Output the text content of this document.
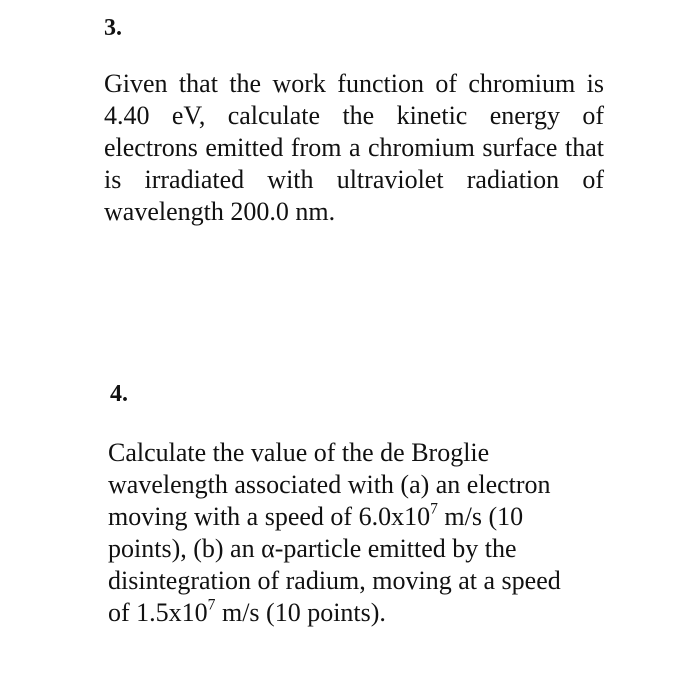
3.

Given that the work function of chromium is 4.40 eV, calculate the kinetic energy of electrons emitted from a chromium surface that is irradiated with ultraviolet radiation of wavelength 200.0 nm.

4.

Calculate the value of the de Broglie
wavelength associated with (a) an electron
moving with a speed of $6.0x10^7$ m/s (10
points), (b) an α-particle emitted by the
disintegration of radium, moving at a speed
of $1.5x10^7$ m/s (10 points).
